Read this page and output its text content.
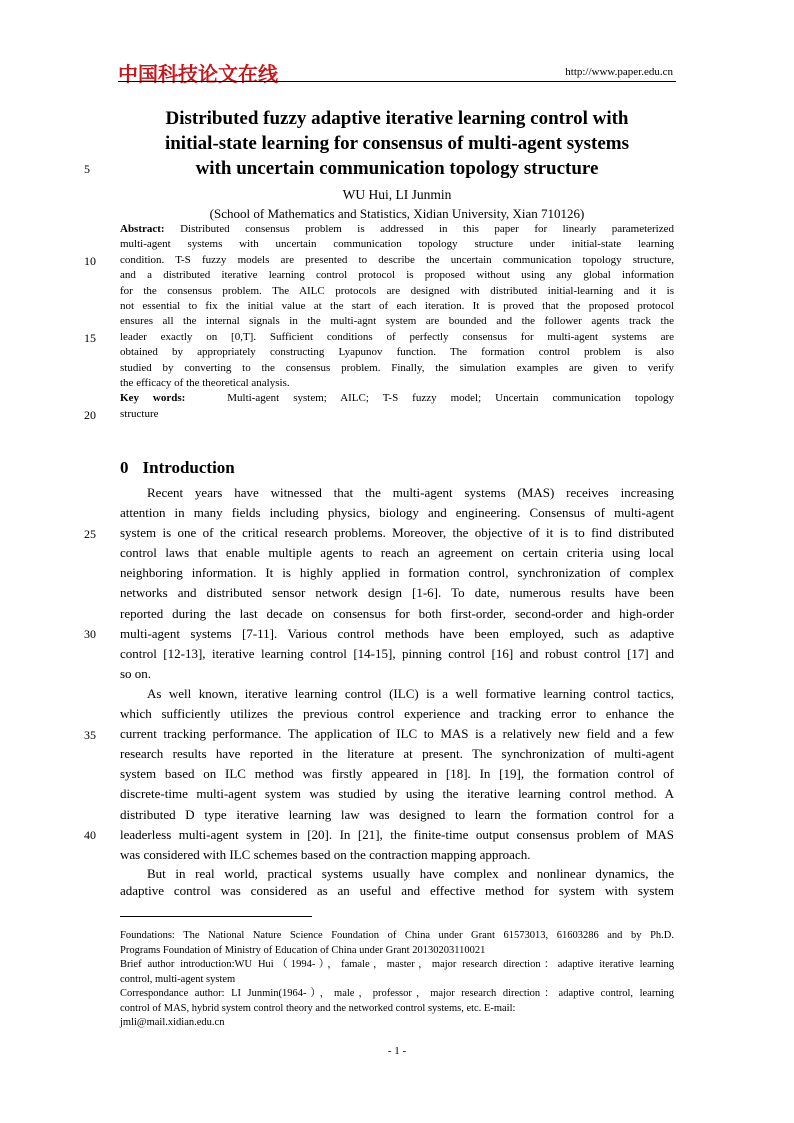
中国科技论文在线	http://www.paper.edu.cn
Distributed fuzzy adaptive iterative learning control with
initial-state learning for consensus of multi-agent systems
with uncertain communication topology structure
WU Hui, LI Junmin
(School of Mathematics and Statistics, Xidian University, Xian 710126)
5
10
15
20
25
30
35
40
Abstract: Distributed consensus problem is addressed in this paper for linearly parameterized
multi-agent systems with uncertain communication topology structure under initial-state learning
condition. T-S fuzzy models are presented to describe the uncertain communication topology structure,
and a distributed iterative learning control protocol is proposed without using any global information
for the consensus problem. The AILC protocols are designed with distributed initial-learning and it is
not essential to fix the initial value at the start of each iteration. It is proved that the proposed protocol
ensures all the internal signals in the multi-agnt system are bounded and the follower agents track the
leader exactly on [0,T]. Sufficient conditions of perfectly consensus for multi-agent systems are
obtained by appropriately constructing Lyapunov function. The formation control problem is also
studied by converting to the consensus problem. Finally, the simulation examples are given to verify
the efficacy of the theoretical analysis.
Key words:	Multi-agent system; AILC; T-S fuzzy model; Uncertain communication topology
structure
0 Introduction
Recent years have witnessed that the multi-agent systems (MAS) receives increasing
attention in many fields including physics, biology and engineering. Consensus of multi-agent
system is one of the critical research problems. Moreover, the objective of it is to find distributed
control laws that enable multiple agents to reach an agreement on certain criteria using local
neighboring information. It is highly applied in formation control, synchronization of complex
networks and distributed sensor network design [1-6]. To date, numerous results have been
reported during the last decade on consensus for both first-order, second-order and high-order
multi-agent systems [7-11]. Various control methods have been employed, such as adaptive
control [12-13], iterative learning control [14-15], pinning control [16] and robust control [17] and
so on.
As well known, iterative learning control (ILC) is a well formative learning control tactics,
which sufficiently utilizes the previous control experience and tracking error to enhance the
current tracking performance. The application of ILC to MAS is a relatively new field and a few
research results have reported in the literature at present. The synchronization of multi-agent
system based on ILC method was firstly appeared in [18]. In [19], the formation control of
discrete-time multi-agent system was studied by using the iterative learning control method. A
distributed D type iterative learning law was designed to learn the formation control for a
leaderless multi-agent system in [20]. In [21], the finite-time output consensus problem of MAS
was considered with ILC schemes based on the contraction mapping approach.
But in real world, practical systems usually have complex and nonlinear dynamics, the
adaptive control was considered as an useful and effective method for system with system
Foundations: The National Nature Science Foundation of China under Grant 61573013, 61603286 and by Ph.D.
Programs Foundation of Ministry of Education of China under Grant 20130203110021
Brief author introduction:WU Hui（1994-），famale，master，major research direction：adaptive iterative learning
control, multi-agent system
Correspondance author: LI Junmin(1964-），male，professor，major research direction：adaptive control, learning
control of MAS, hybrid system control theory and the networked control systems, etc. E-mail:
jmli@mail.xidian.edu.cn
- 1 -
